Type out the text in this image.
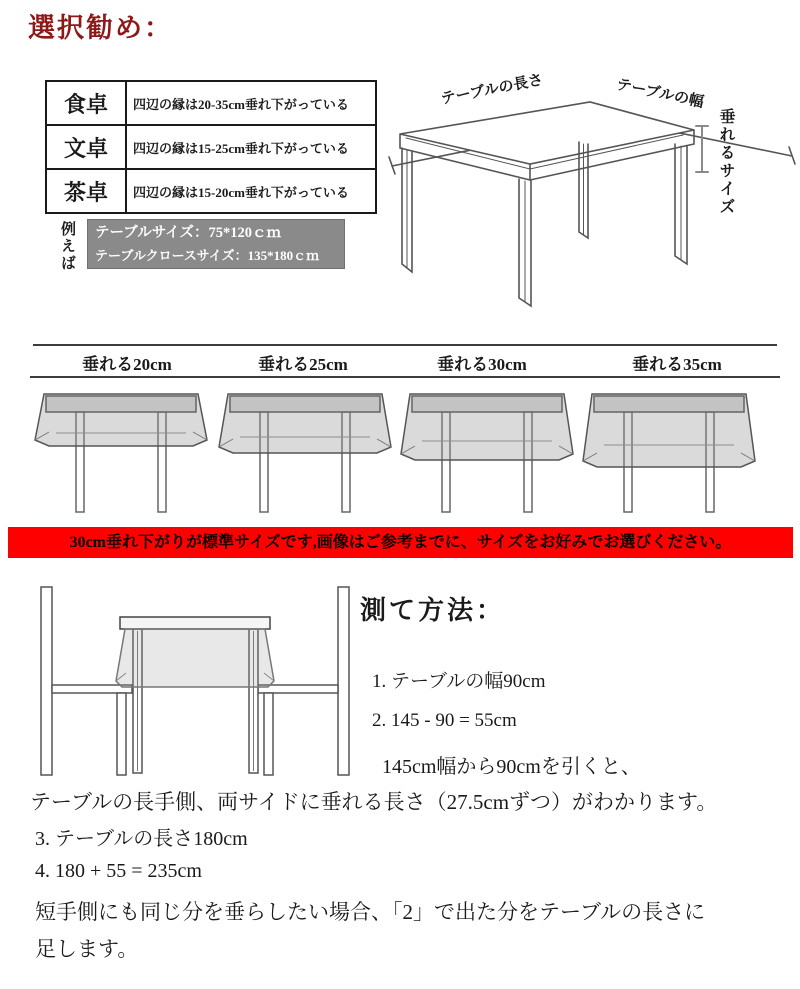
選択勧め：
食卓	四辺の縁は20-35cm垂れ下がっている
文卓	四辺の縁は15-25cm垂れ下がっている
茶卓	四辺の縁は15-20cm垂れ下がっている
例えば テーブルサイズ：75*120ｃｍ
テーブルクロースサイズ：135*180ｃｍ
テーブルの長さ	テーブルの幅
垂れるサイズ
垂れる20cm	垂れる25cm	垂れる30cm	垂れる35cm
30cm垂れ下がりが標準サイズです,画像はご参考までに、サイズをお好みでお選びください。
測て方法：
1. テーブルの幅90cm
2. 145 - 90 = 55cm
145cm幅から90cmを引くと、
テーブルの長手側、両サイドに垂れる長さ（27.5cmずつ）がわかります。
3. テーブルの長さ180cm
4. 180 + 55 = 235cm
短手側にも同じ分を垂らしたい場合、「2」で出た分をテーブルの長さに
足します。
